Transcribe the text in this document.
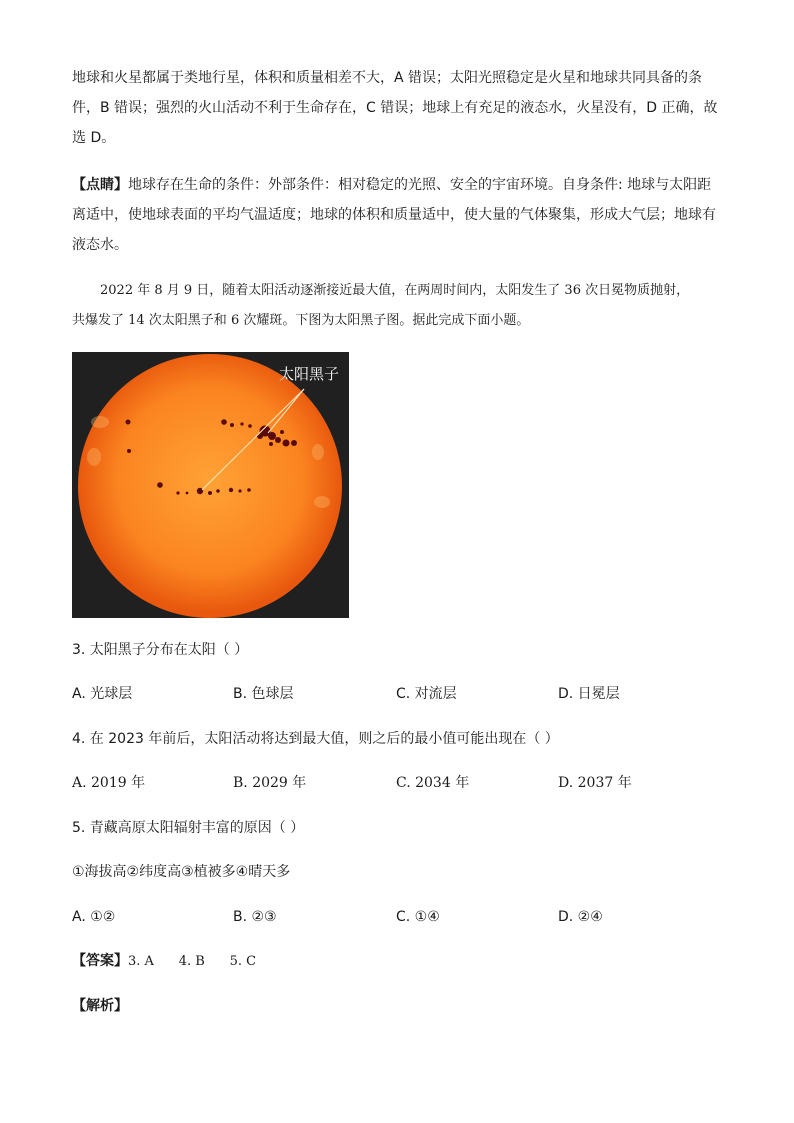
地球和火星都属于类地行星，体积和质量相差不大，A 错误；太阳光照稳定是火星和地球共同具备的条

件，B 错误；强烈的火山活动不利于生命存在，C 错误；地球上有充足的液态水，火星没有，D 正确，故

选 D。

【点睛】地球存在生命的条件：外部条件：相对稳定的光照、安全的宇宙环境。自身条件: 地球与太阳距

离适中，使地球表面的平均气温适度；地球的体积和质量适中，使大量的气体聚集，形成大气层；地球有

液态水。

2022 年 8 月 9 日，随着太阳活动逐渐接近最大值，在两周时间内，太阳发生了 36 次日冕物质抛射，

共爆发了 14 次太阳黑子和 6 次耀斑。下图为太阳黑子图。据此完成下面小题。

太阳黑子

3. 太阳黑子分布在太阳（ ）

A. 光球层	B. 色球层	C. 对流层	D. 日冕层

4. 在 2023 年前后，太阳活动将达到最大值，则之后的最小值可能出现在（ ）

A. 2019 年	B. 2029 年	C. 2034 年	D. 2037 年

5. 青藏高原太阳辐射丰富的原因（ ）

①海拔高②纬度高③植被多④晴天多

A. ①②	B. ②③	C. ①④	D. ②④

【答案】3. A      4. B      5. C

【解析】
